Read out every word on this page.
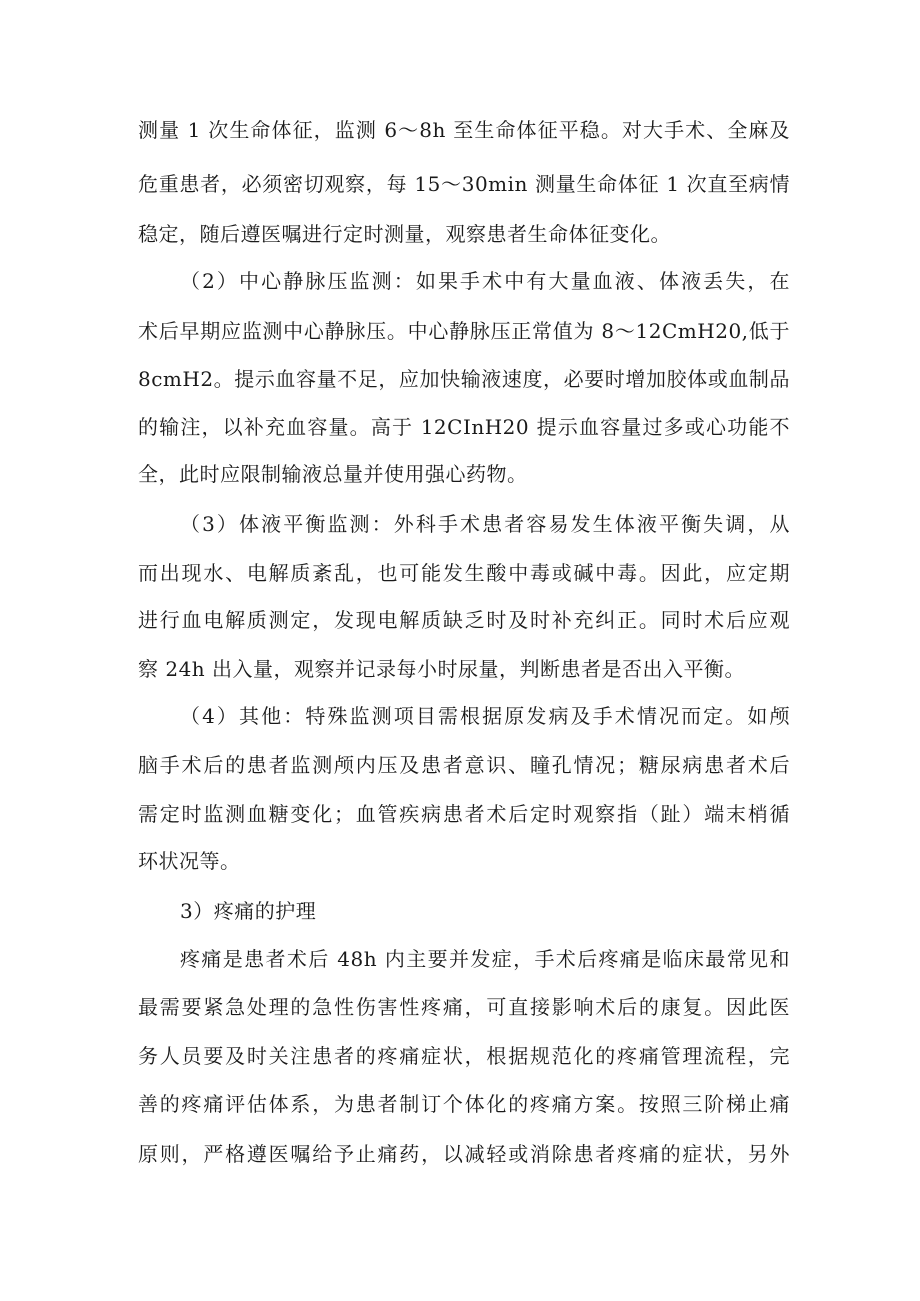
测量 1 次生命体征，监测 6～8h 至生命体征平稳。对大手术、全麻及
危重患者，必须密切观察，每 15～30min 测量生命体征 1 次直至病情
稳定，随后遵医嘱进行定时测量，观察患者生命体征变化。
（2）中心静脉压监测：如果手术中有大量血液、体液丢失，在
术后早期应监测中心静脉压。中心静脉压正常值为 8～12CmH20,低于
8cmH2。提示血容量不足，应加快输液速度，必要时增加胶体或血制品
的输注，以补充血容量。高于 12CInH20 提示血容量过多或心功能不
全，此时应限制输液总量并使用强心药物。
（3）体液平衡监测：外科手术患者容易发生体液平衡失调，从
而出现水、电解质紊乱，也可能发生酸中毒或碱中毒。因此，应定期
进行血电解质测定，发现电解质缺乏时及时补充纠正。同时术后应观
察 24h 出入量，观察并记录每小时尿量，判断患者是否出入平衡。
（4）其他：特殊监测项目需根据原发病及手术情况而定。如颅
脑手术后的患者监测颅内压及患者意识、瞳孔情况；糖尿病患者术后
需定时监测血糖变化；血管疾病患者术后定时观察指（趾）端末梢循
环状况等。
3）疼痛的护理
疼痛是患者术后 48h 内主要并发症，手术后疼痛是临床最常见和
最需要紧急处理的急性伤害性疼痛，可直接影响术后的康复。因此医
务人员要及时关注患者的疼痛症状，根据规范化的疼痛管理流程，完
善的疼痛评估体系，为患者制订个体化的疼痛方案。按照三阶梯止痛
原则，严格遵医嘱给予止痛药，以减轻或消除患者疼痛的症状，另外
